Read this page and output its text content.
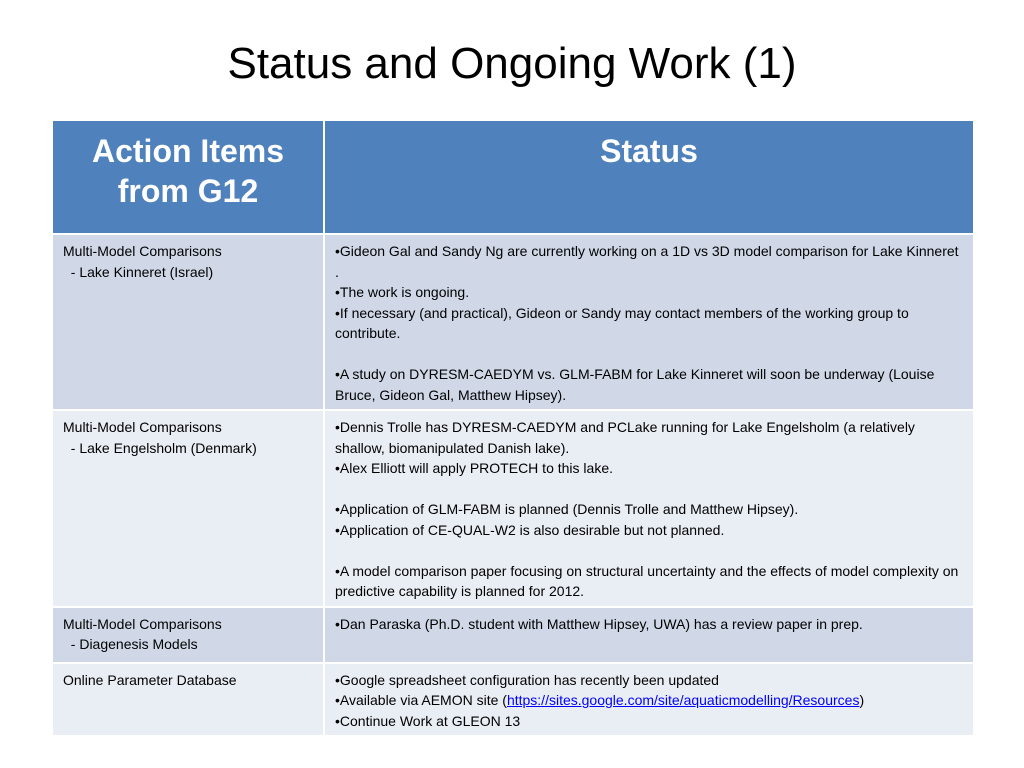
Status and Ongoing Work (1)
Action Items from G12	Status

Multi-Model Comparisons
- Lake Kinneret (Israel)	•Gideon Gal and Sandy Ng are currently working on a 1D vs 3D model comparison for Lake Kinneret .
•The work is ongoing.
•If necessary (and practical), Gideon or Sandy may contact members of the working group to contribute.
•A study on DYRESM-CAEDYM vs. GLM-FABM for Lake Kinneret will soon be underway (Louise Bruce, Gideon Gal, Matthew Hipsey).

Multi-Model Comparisons
- Lake Engelsholm (Denmark)	•Dennis Trolle has DYRESM-CAEDYM and PCLake running for Lake Engelsholm (a relatively shallow, biomanipulated Danish lake).
•Alex Elliott will apply PROTECH to this lake.
•Application of GLM-FABM is planned (Dennis Trolle and Matthew Hipsey).
•Application of CE-QUAL-W2 is also desirable but not planned.
•A model comparison paper focusing on structural uncertainty and the effects of model complexity on predictive capability is planned for 2012.

Multi-Model Comparisons
- Diagenesis Models	•Dan Paraska (Ph.D. student with Matthew Hipsey, UWA) has a review paper in prep.

Online Parameter Database	•Google spreadsheet configuration has recently been updated
•Available via AEMON site (https://sites.google.com/site/aquaticmodelling/Resources)
•Continue Work at GLEON 13
